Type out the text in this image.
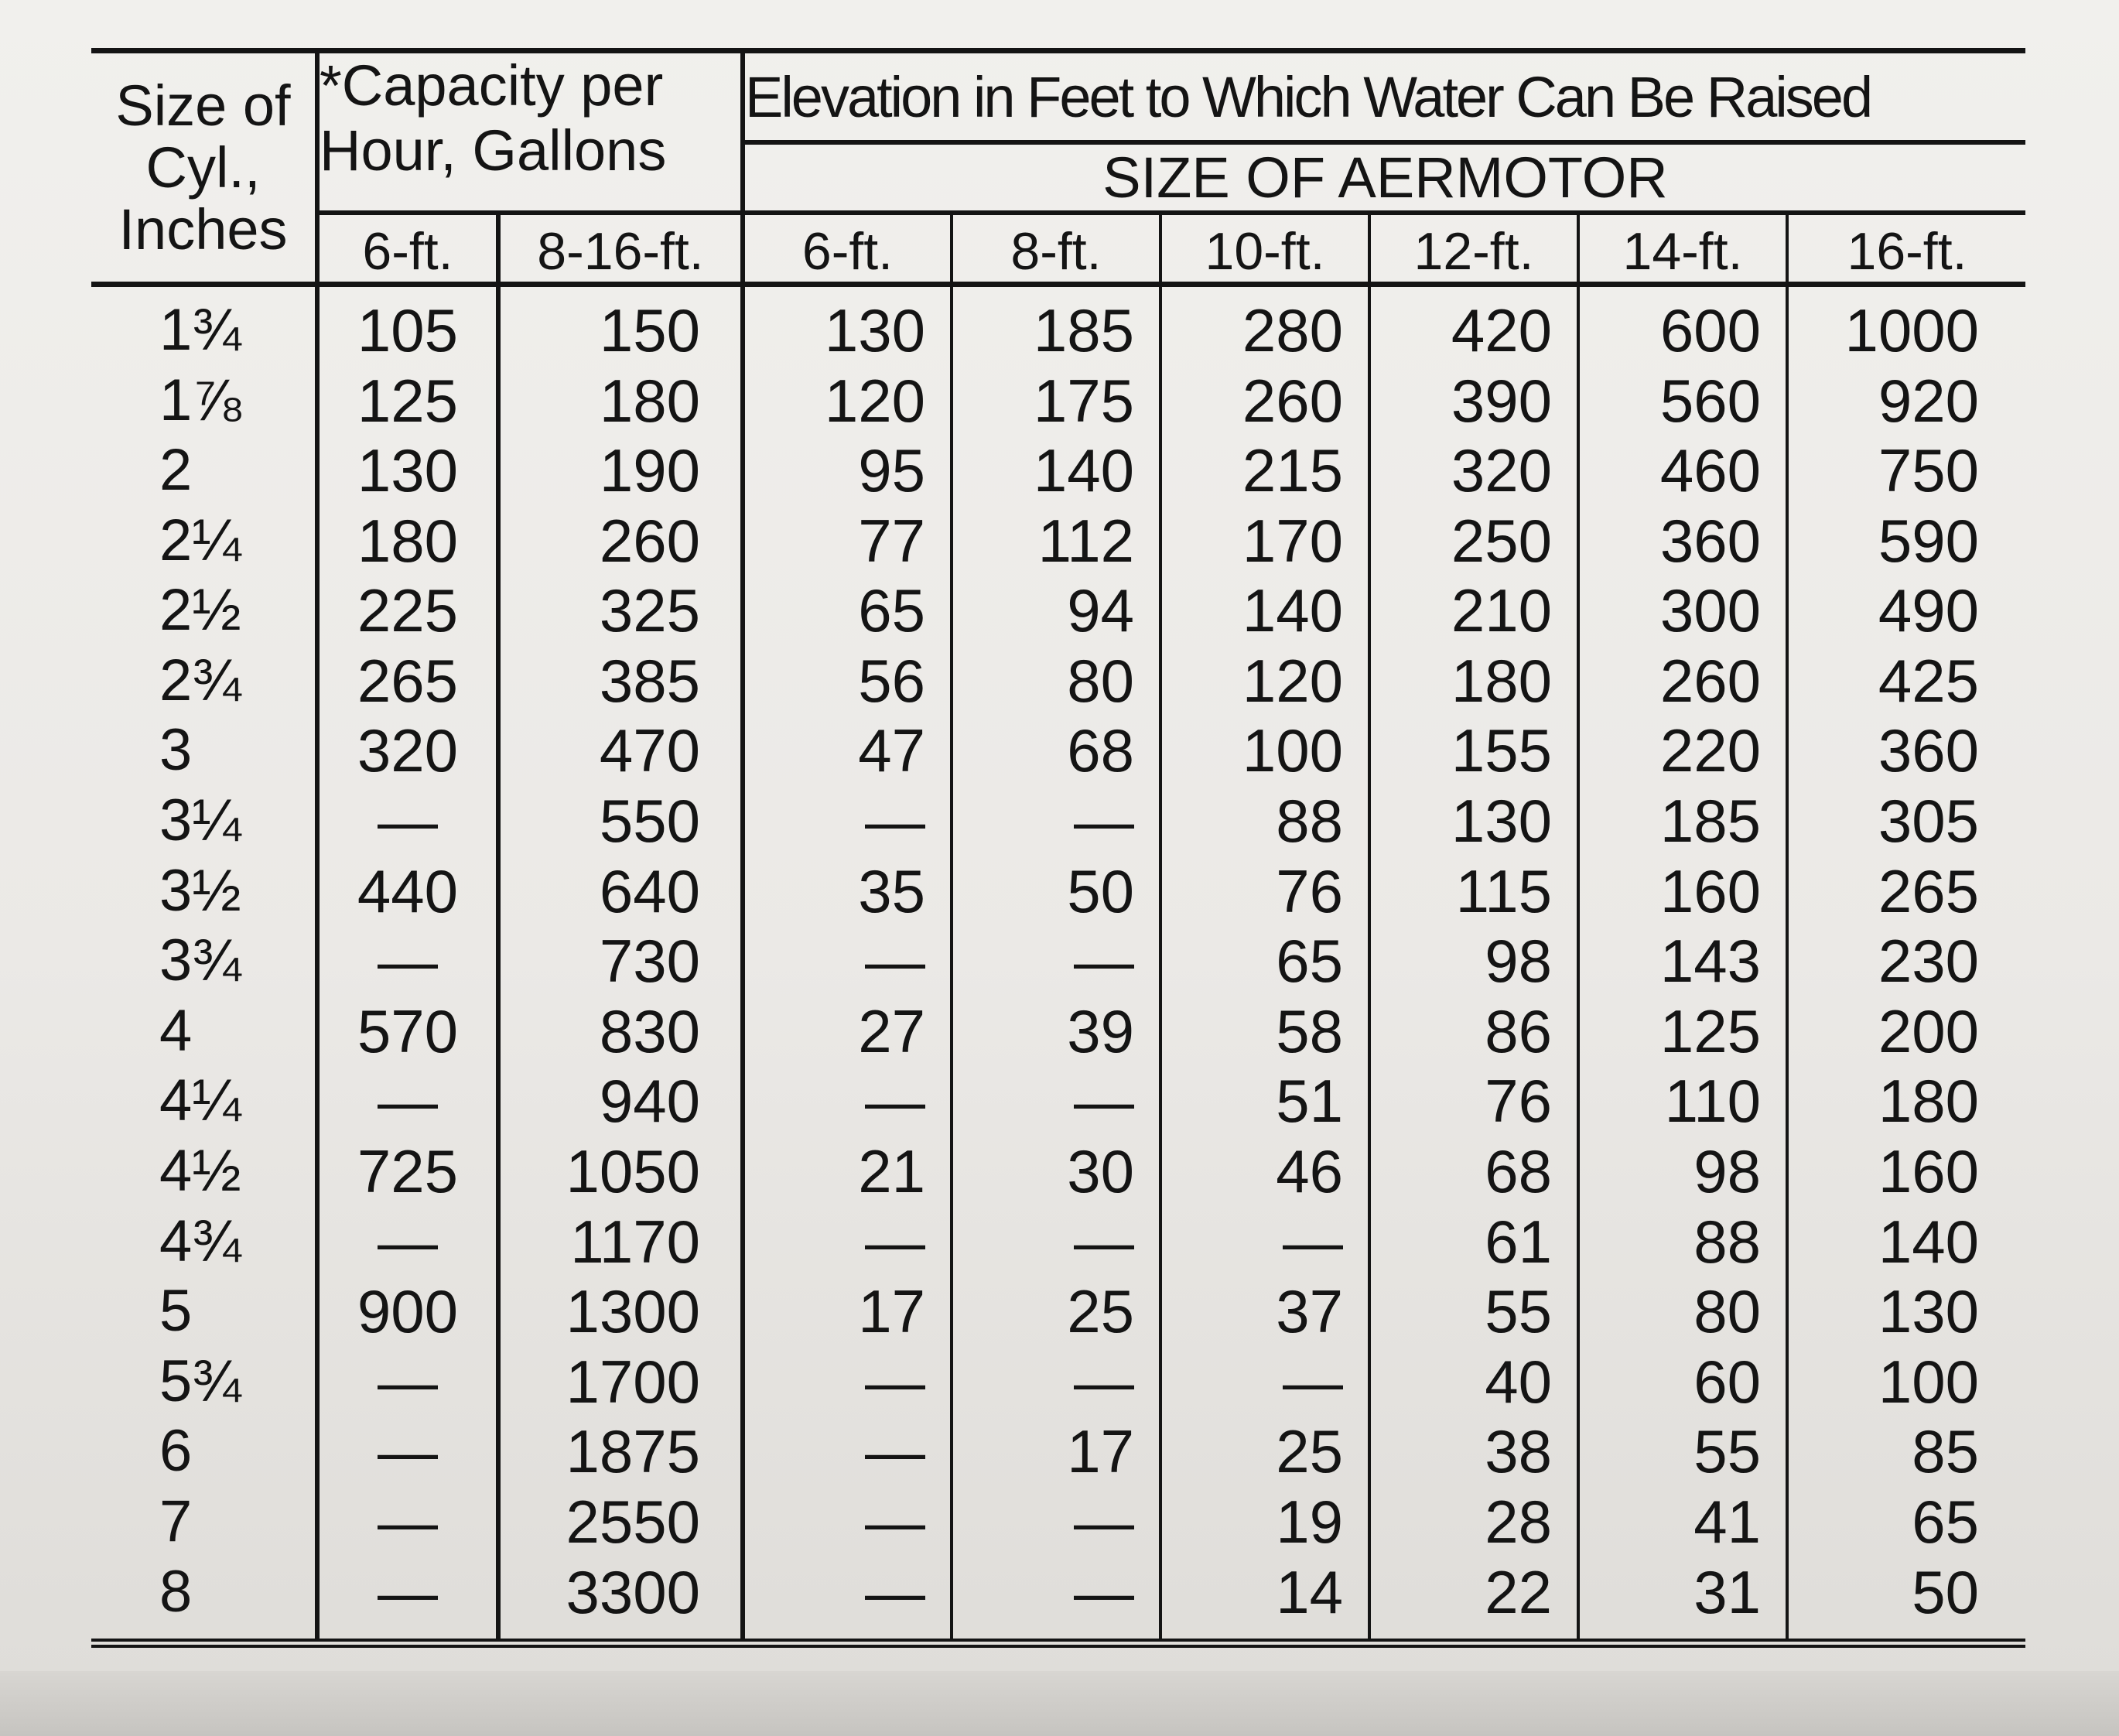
Size of
Cyl.,
Inches	*Capacity per
Hour, Gallons		Elevation in Feet to Which Water Can Be Raised					
			SIZE OF AERMOTOR					
	6-ft.	8-16-ft.	6-ft.	8-ft.	10-ft.	12-ft.	14-ft.	16-ft.
1¾	105	150	130	185	280	420	600	1000
1⅞	125	180	120	175	260	390	560	920
2	130	190	95	140	215	320	460	750
2¼	180	260	77	112	170	250	360	590
2½	225	325	65	94	140	210	300	490
2¾	265	385	56	80	120	180	260	425
3	320	470	47	68	100	155	220	360
3¼	—	550	—	—	88	130	185	305
3½	440	640	35	50	76	115	160	265
3¾	—	730	—	—	65	98	143	230
4	570	830	27	39	58	86	125	200
4¼	—	940	—	—	51	76	110	180
4½	725	1050	21	30	46	68	98	160
4¾	—	1170	—	—	—	61	88	140
5	900	1300	17	25	37	55	80	130
5¾	—	1700	—	—	—	40	60	100
6	—	1875	—	17	25	38	55	85
7	—	2550	—	—	19	28	41	65
8	—	3300	—	—	14	22	31	50
